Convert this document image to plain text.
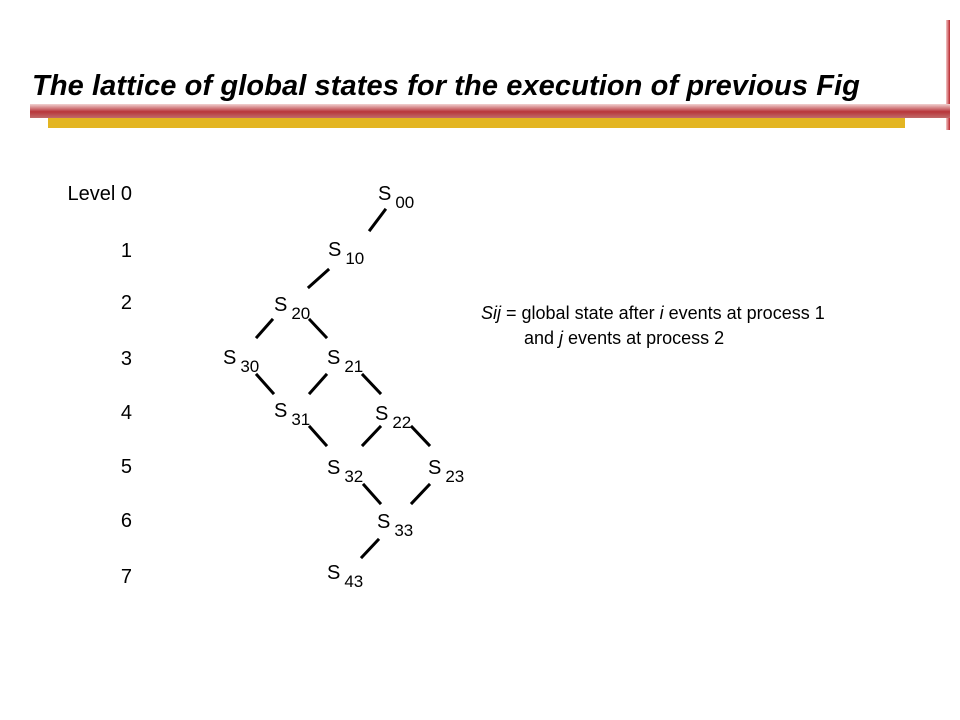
The lattice of global states for the execution of previous Fig
Level 0
1
2
3
4
5
6
7
S $_{00}$
S $_{10}$
S $_{20}$
S $_{30}$	S $_{21}$
S $_{31}$	S $_{22}$
S $_{32}$	S $_{23}$
S $_{33}$
S $_{43}$
Sij = global state after i events at process 1
and j events at process 2
